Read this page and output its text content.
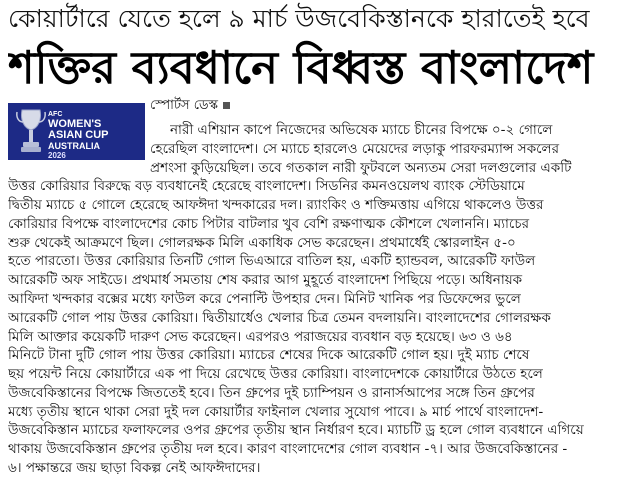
কোয়ার্টারে যেতে হলে ৯ মার্চ উজবেকিস্তানকে হারাতেই হবে
শক্তির ব্যবধানে বিধ্বস্ত বাংলাদেশ
AFC
WOMEN'S
ASIAN CUP
AUSTRALIA
2026
স্পোর্টস ডেস্ক
নারী এশিয়ান কাপে নিজেদের অভিষেক ম্যাচে চীনের বিপক্ষে ০-২ গোলে
হেরেছিল বাংলাদেশ। সে ম্যাচে হারলেও মেয়েদের লড়াকু পারফরম্যান্স সকলের
প্রশংসা কুড়িয়েছিল। তবে গতকাল নারী ফুটবলে অন্যতম সেরা দলগুলোর একটি
উত্তর কোরিয়ার বিরুদ্ধে বড় ব্যবধানেই হেরেছে বাংলাদেশ। সিডনির কমনওয়েলথ ব্যাংক স্টেডিয়ামে
দ্বিতীয় ম্যাচে ৫ গোলে হেরেছে আফঈদা খন্দকারের দল। র‍্যাংকিং ও শক্তিমত্তায় এগিয়ে থাকলেও উত্তর
কোরিয়ার বিপক্ষে বাংলাদেশের কোচ পিটার বাটলার খুব বেশি রক্ষণাত্মক কৌশলে খেলাননি। ম্যাচের
শুরু থেকেই আক্রমণে ছিল। গোলরক্ষক মিলি একাধিক সেভ করেছেন। প্রথমার্ধেই স্কোরলাইন ৫-০
হতে পারতো। উত্তর কোরিয়ার তিনটি গোল ভিএআরে বাতিল হয়, একটি হ্যান্ডবল, আরেকটি ফাউল
আরেকটি অফ সাইডে। প্রথমার্ধ সমতায় শেষ করার আগ মুহূর্তে বাংলাদেশ পিছিয়ে পড়ে। অধিনায়ক
আফিদা খন্দকার বক্সের মধ্যে ফাউল করে পেনাল্টি উপহার দেন। মিনিট খানিক পর ডিফেন্সের ভুলে
আরেকটি গোল পায় উত্তর কোরিয়া। দ্বিতীয়ার্ধেও খেলার চিত্র তেমন বদলায়নি। বাংলাদেশের গোলরক্ষক
মিলি আক্তার কয়েকটি দারুণ সেভ করেছেন। এরপরও পরাজয়ের ব্যবধান বড় হয়েছে। ৬৩ ও ৬৪
মিনিটে টানা দুটি গোল পায় উত্তর কোরিয়া। ম্যাচের শেষের দিকে আরেকটি গোল হয়। দুই ম্যাচ শেষে
ছয় পয়েন্ট নিয়ে কোয়ার্টারে এক পা দিয়ে রেখেছে উত্তর কোরিয়া। বাংলাদেশকে কোয়ার্টারে উঠতে হলে
উজবেকিস্তানের বিপক্ষে জিততেই হবে। তিন গ্রুপের দুই চ্যাম্পিয়ন ও রানার্সআপের সঙ্গে তিন গ্রুপের
মধ্যে তৃতীয় স্থানে থাকা সেরা দুই দল কোয়ার্টার ফাইনাল খেলার সুযোগ পাবে। ৯ মার্চ পার্থে বাংলাদেশ-
উজবেকিস্তান ম্যাচের ফলাফলের ওপর গ্রুপের তৃতীয় স্থান নির্ধারণ হবে। ম্যাচটি ড্র হলে গোল ব্যবধানে এগিয়ে
থাকায় উজবেকিস্তান গ্রুপের তৃতীয় দল হবে। কারণ বাংলাদেশের গোল ব্যবধান -৭। আর উজবেকিস্তানের -
৬। পক্ষান্তরে জয় ছাড়া বিকল্প নেই আফঈদাদের।
